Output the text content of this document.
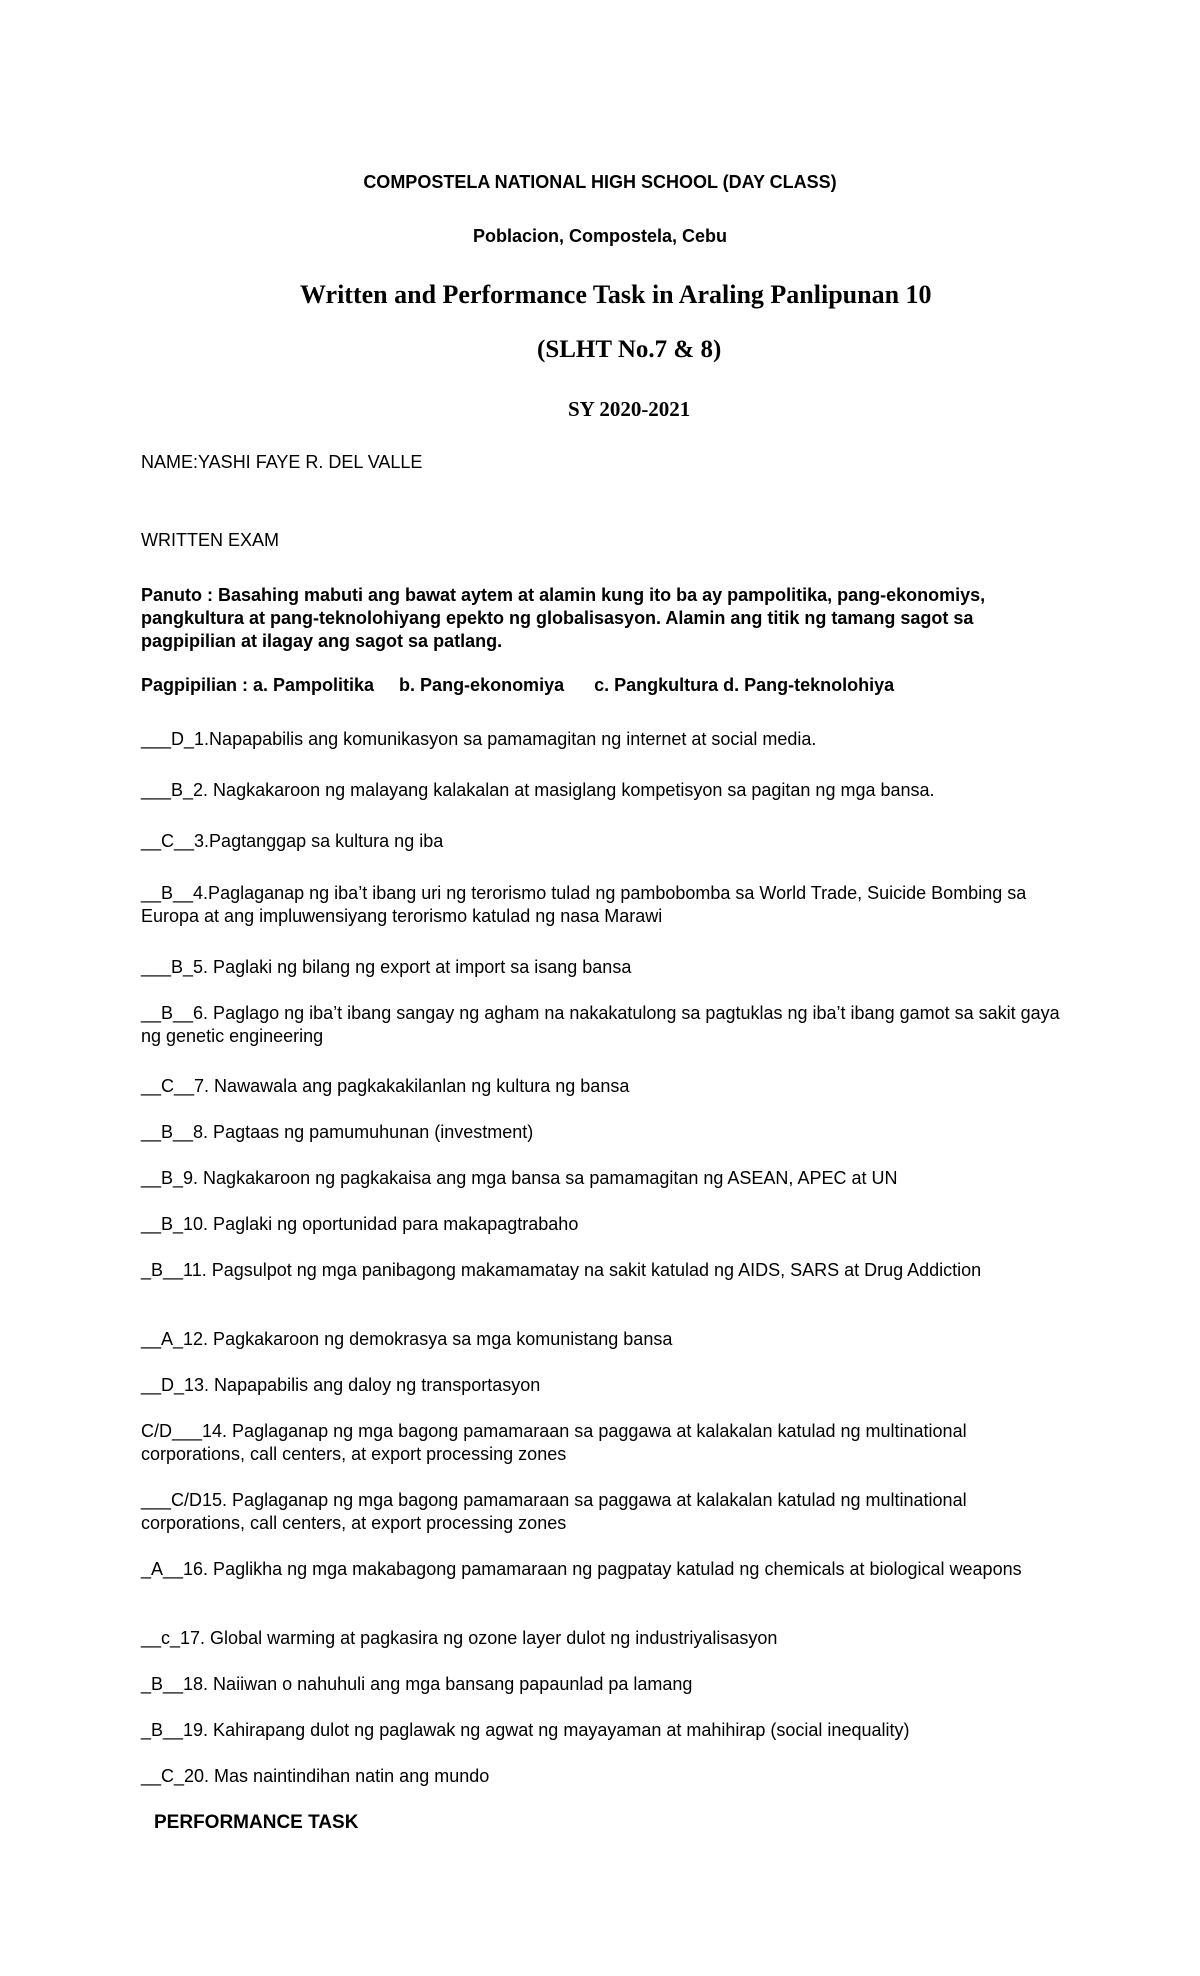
COMPOSTELA NATIONAL HIGH SCHOOL (DAY CLASS)
Poblacion, Compostela, Cebu
Written and Performance Task in Araling Panlipunan 10
(SLHT No.7 & 8)
SY 2020-2021
NAME:YASHI FAYE R. DEL VALLE
WRITTEN EXAM
Panuto : Basahing mabuti ang bawat aytem at alamin kung ito ba ay pampolitika, pang-ekonomiys, pangkultura at pang-teknolohiyang epekto ng globalisasyon. Alamin ang titik ng tamang sagot sa pagpipilian at ilagay ang sagot sa patlang.
Pagpipilian : a. Pampolitika     b. Pang-ekonomiya      c. Pangkultura d. Pang-teknolohiya
___D_1.Napapabilis ang komunikasyon sa pamamagitan ng internet at social media.
___B_2. Nagkakaroon ng malayang kalakalan at masiglang kompetisyon sa pagitan ng mga bansa.
__C__3.Pagtanggap sa kultura ng iba
__B__4.Paglaganap ng iba’t ibang uri ng terorismo tulad ng pambobomba sa World Trade, Suicide Bombing sa Europa at ang impluwensiyang terorismo katulad ng nasa Marawi
___B_5. Paglaki ng bilang ng export at import sa isang bansa
__B__6. Paglago ng iba’t ibang sangay ng agham na nakakatulong sa pagtuklas ng iba’t ibang gamot sa sakit gaya ng genetic engineering
__C__7. Nawawala ang pagkakakilanlan ng kultura ng bansa
__B__8. Pagtaas ng pamumuhunan (investment)
__B_9. Nagkakaroon ng pagkakaisa ang mga bansa sa pamamagitan ng ASEAN, APEC at UN
__B_10. Paglaki ng oportunidad para makapagtrabaho
_B__11. Pagsulpot ng mga panibagong makamamatay na sakit katulad ng AIDS, SARS at Drug Addiction
__A_12. Pagkakaroon ng demokrasya sa mga komunistang bansa
__D_13. Napapabilis ang daloy ng transportasyon
C/D___14. Paglaganap ng mga bagong pamamaraan sa paggawa at kalakalan katulad ng multinational corporations, call centers, at export processing zones
___C/D15. Paglaganap ng mga bagong pamamaraan sa paggawa at kalakalan katulad ng multinational corporations, call centers, at export processing zones
_A__16. Paglikha ng mga makabagong pamamaraan ng pagpatay katulad ng chemicals at biological weapons
__c_17. Global warming at pagkasira ng ozone layer dulot ng industriyalisasyon
_B__18. Naiiwan o nahuhuli ang mga bansang papaunlad pa lamang
_B__19. Kahirapang dulot ng paglawak ng agwat ng mayayaman at mahihirap (social inequality)
__C_20. Mas naintindihan natin ang mundo
PERFORMANCE TASK
